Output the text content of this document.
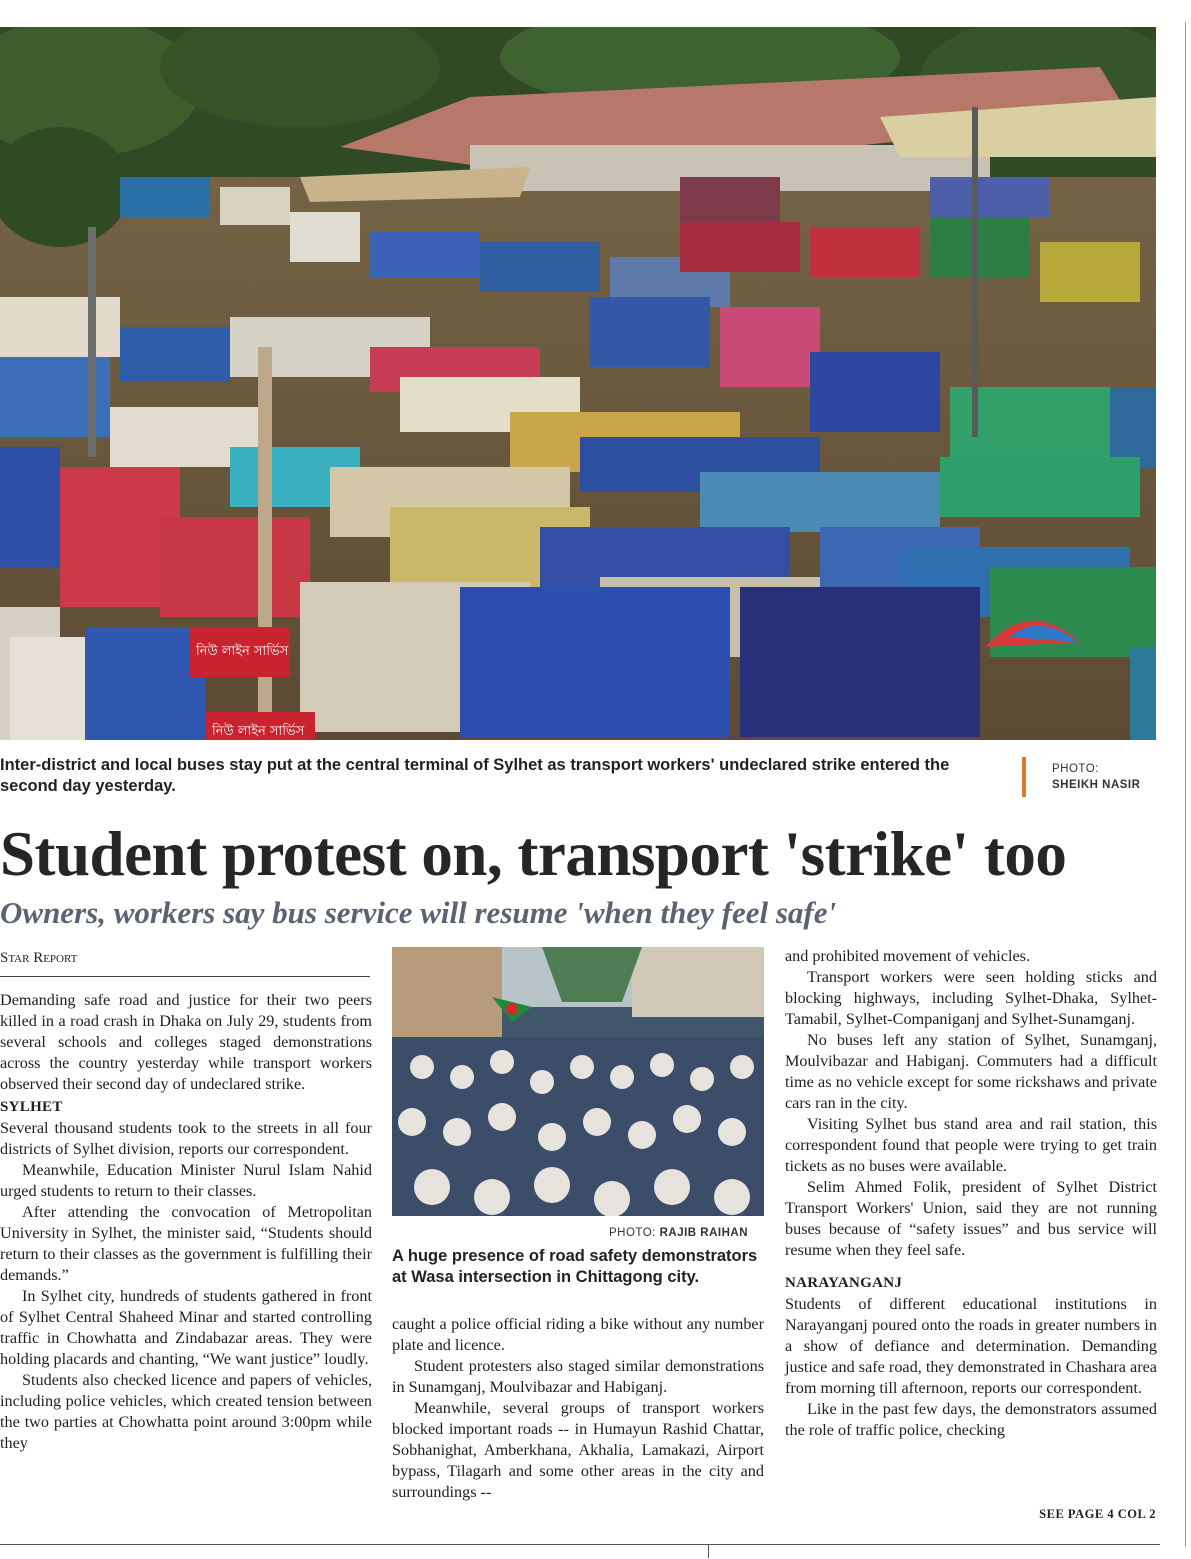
নিউ লাইন সার্ভিস
নিউ লাইন সার্ভিস
Inter-district and local buses stay put at the central terminal of Sylhet as transport workers' undeclared strike entered the second day yesterday.
PHOTO:
SHEIKH NASIR
Student protest on, transport 'strike' too
Owners, workers say bus service will resume 'when they feel safe'
Star Report

Demanding safe road and justice for their two peers killed in a road crash in Dhaka on July 29, students from several schools and colleges staged demonstrations across the country yesterday while transport workers observed their second day of undeclared strike.

SYLHET

Several thousand students took to the streets in all four districts of Sylhet division, reports our correspondent.

Meanwhile, Education Minister Nurul Islam Nahid urged students to return to their classes.

After attending the convocation of Metropolitan University in Sylhet, the minister said, “Students should return to their classes as the government is fulfilling their demands.”

In Sylhet city, hundreds of students gathered in front of Sylhet Central Shaheed Minar and started controlling traffic in Chowhatta and Zindabazar areas. They were holding placards and chanting, “We want justice” loudly.

Students also checked licence and papers of vehicles, including police vehicles, which created tension between the two parties at Chowhatta point around 3:00pm while they

PHOTO: RAJIB RAIHAN
A huge presence of road safety demonstrators at Wasa intersection in Chittagong city.

caught a police official riding a bike without any number plate and licence.

Student protesters also staged similar demonstrations in Sunamganj, Moulvibazar and Habiganj.

Meanwhile, several groups of transport workers blocked important roads -- in Humayun Rashid Chattar, Sobhanighat, Amberkhana, Akhalia, Lamakazi, Airport bypass, Tilagarh and some other areas in the city and surroundings --

and prohibited movement of vehicles.

Transport workers were seen holding sticks and blocking highways, including Sylhet-Dhaka, Sylhet-Tamabil, Sylhet-Companiganj and Sylhet-Sunamganj.

No buses left any station of Sylhet, Sunamganj, Moulvibazar and Habiganj. Commuters had a difficult time as no vehicle except for some rickshaws and private cars ran in the city.

Visiting Sylhet bus stand area and rail station, this correspondent found that people were trying to get train tickets as no buses were available.

Selim Ahmed Folik, president of Sylhet District Transport Workers' Union, said they are not running buses because of “safety issues” and bus service will resume when they feel safe.

NARAYANGANJ

Students of different educational institutions in Narayanganj poured onto the roads in greater numbers in a show of defiance and determination. Demanding justice and safe road, they demonstrated in Chashara area from morning till afternoon, reports our correspondent.

Like in the past few days, the demonstrators assumed the role of traffic police, checking

SEE PAGE 4 COL 2
